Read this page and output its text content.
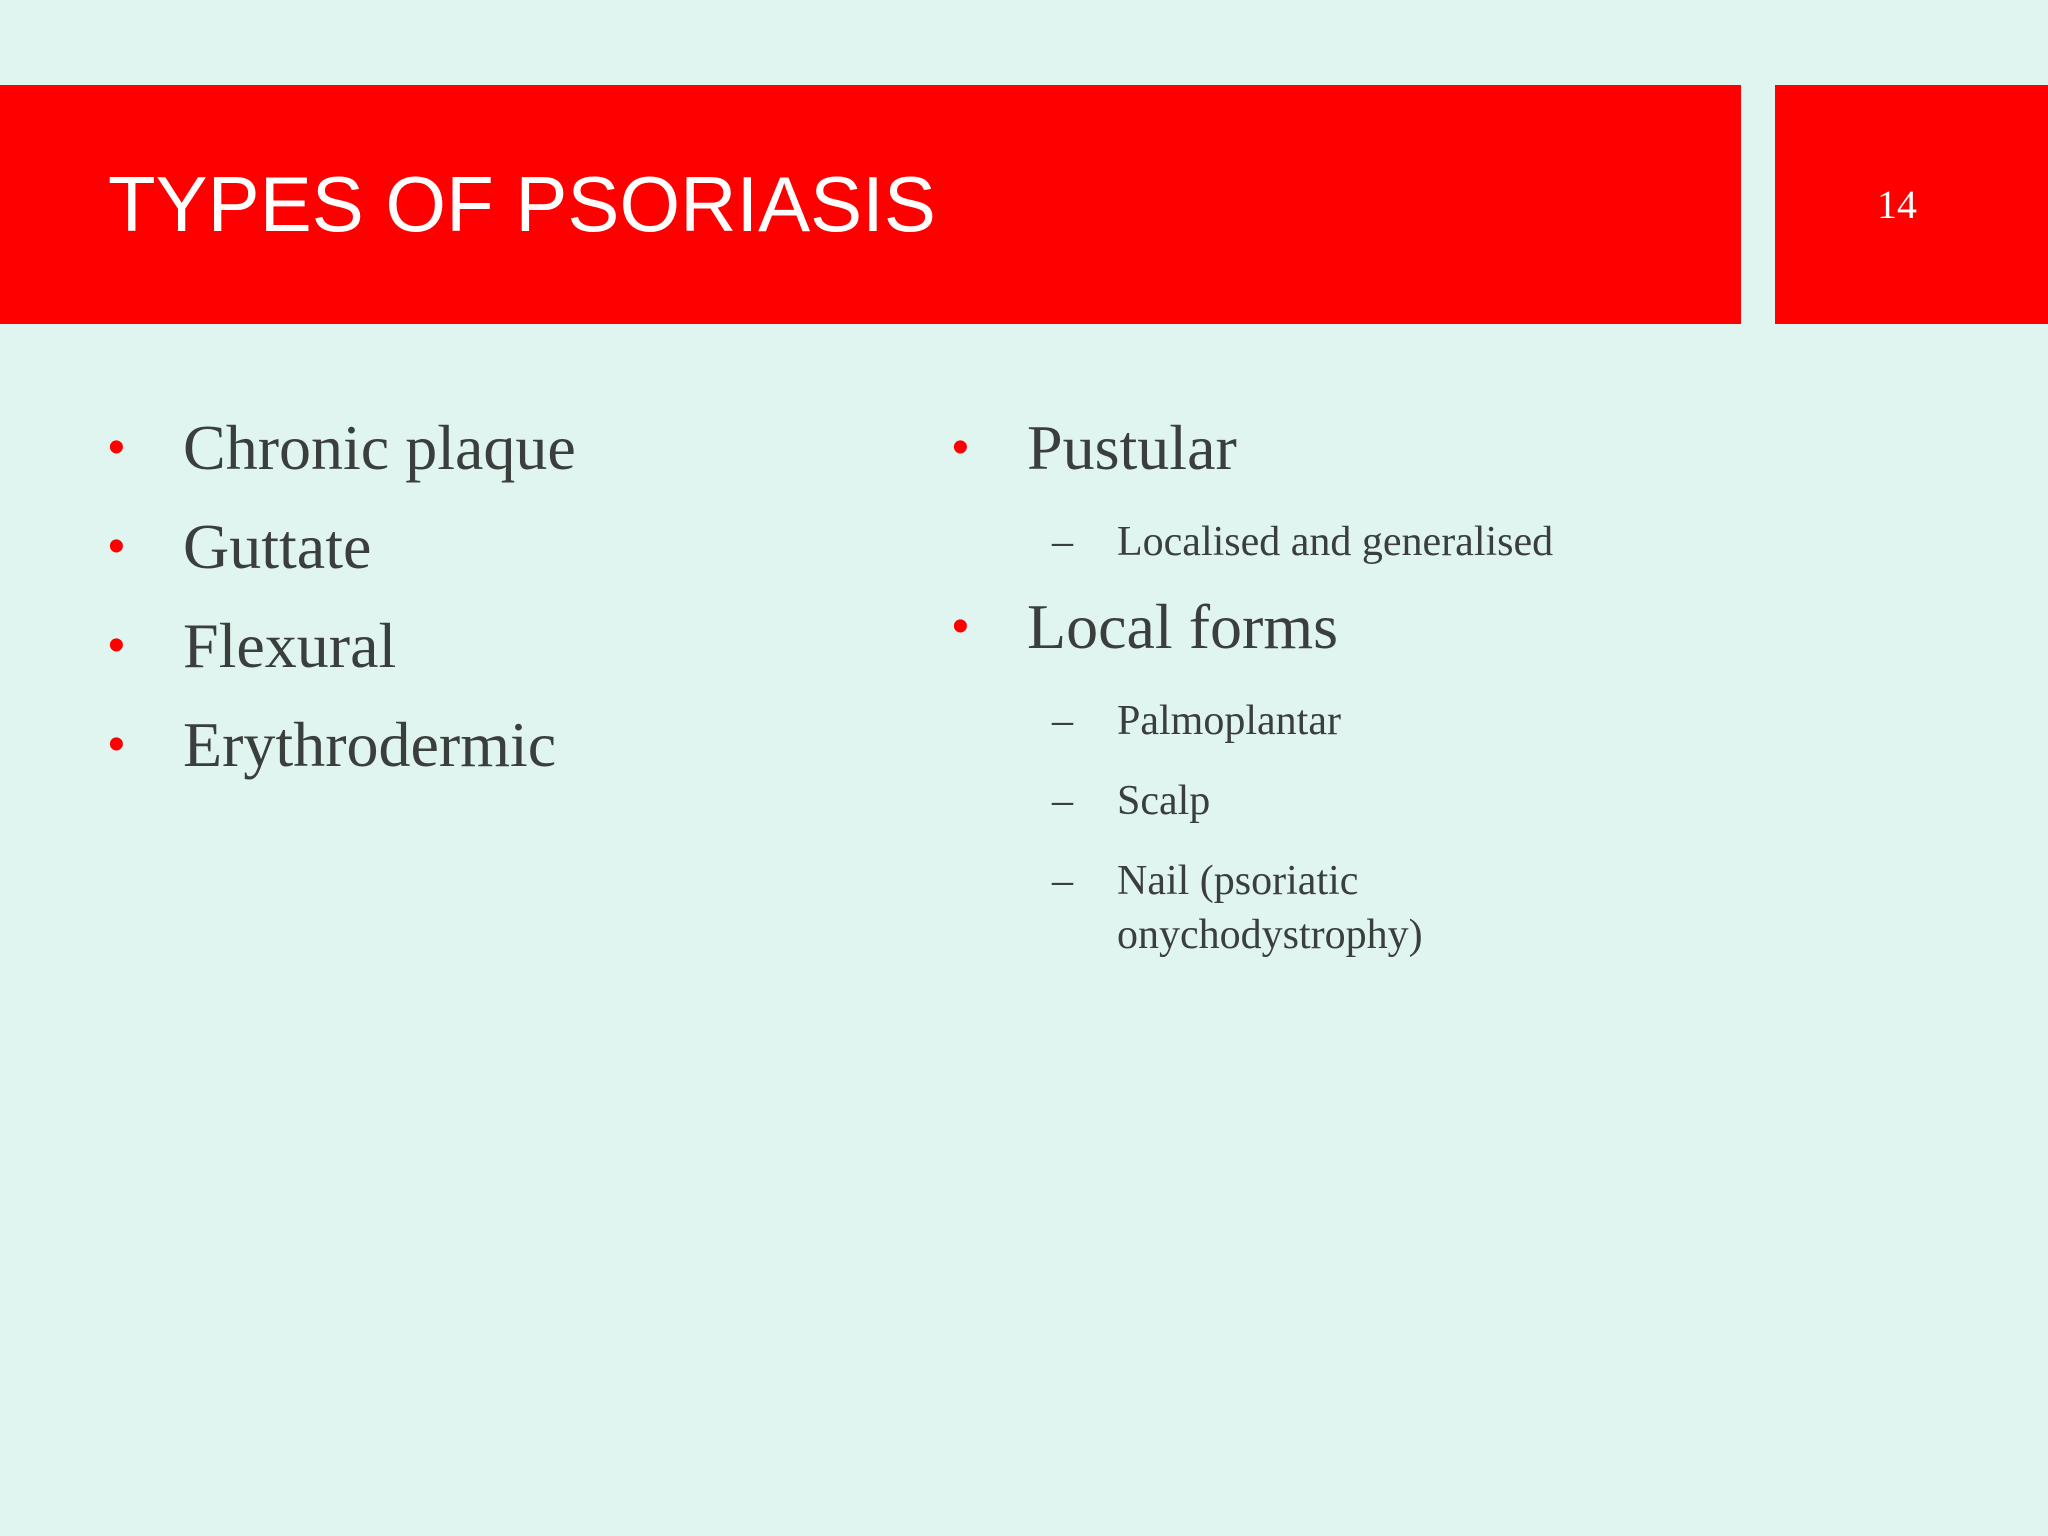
TYPES OF PSORIASIS	14
• Chronic plaque
• Guttate
• Flexural
• Erythrodermic
• Pustular
– Localised and generalised
• Local forms
– Palmoplantar
– Scalp
– Nail (psoriatic
onychodystrophy)
